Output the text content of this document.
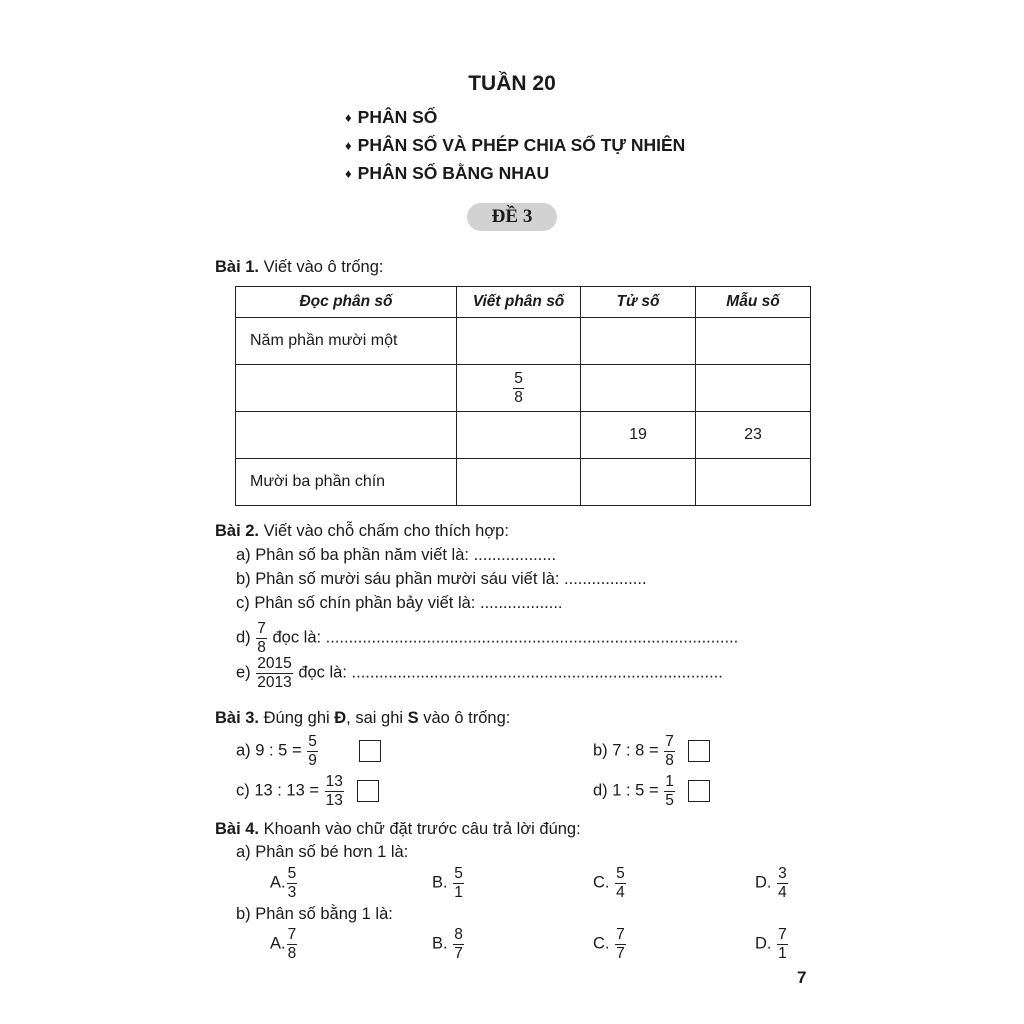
TUẦN 20
♦ PHÂN SỐ
♦ PHÂN SỐ VÀ PHÉP CHIA SỐ TỰ NHIÊN
♦ PHÂN SỐ BẰNG NHAU
ĐỀ 3
Bài 1. Viết vào ô trống:
Đọc phân số	Viết phân số	Tử số	Mẫu số
Năm phần mười một			

	$\frac{5}{8}$

		19	23
Mười ba phần chín			
Bài 2. Viết vào chỗ chấm cho thích hợp:
a) Phân số ba phần năm viết là: ..................
b) Phân số mười sáu phần mười sáu viết là: ..................
c) Phân số chín phần bảy viết là: ..................
$d) \frac{7}{8}$ đọc là: ..........................................................................................
$e) \frac{2015}{2013}$ đọc là: .................................................................................
Bài 3. Đúng ghi Đ, sai ghi S vào ô trống:
a) 9 : $5 = \frac{5}{9}$
	b) 7 : $8 = \frac{7}{8}$

c) 13 : $13 = \frac{13}{13}$
	d) 1 : $5 = \frac{1}{5}$

Bài 4. Khoanh vào chữ đặt trước câu trả lời đúng:
a) Phân số bé hơn 1 là:
A. $\frac{5}{3}$	B. $\frac{5}{1}$	C. $\frac{5}{4}$	D. $\frac{3}{4}$
b) Phân số bằng 1 là:
A. $\frac{7}{8}$	B. $\frac{8}{7}$	C. $\frac{7}{7}$	D. $\frac{7}{1}$
7
